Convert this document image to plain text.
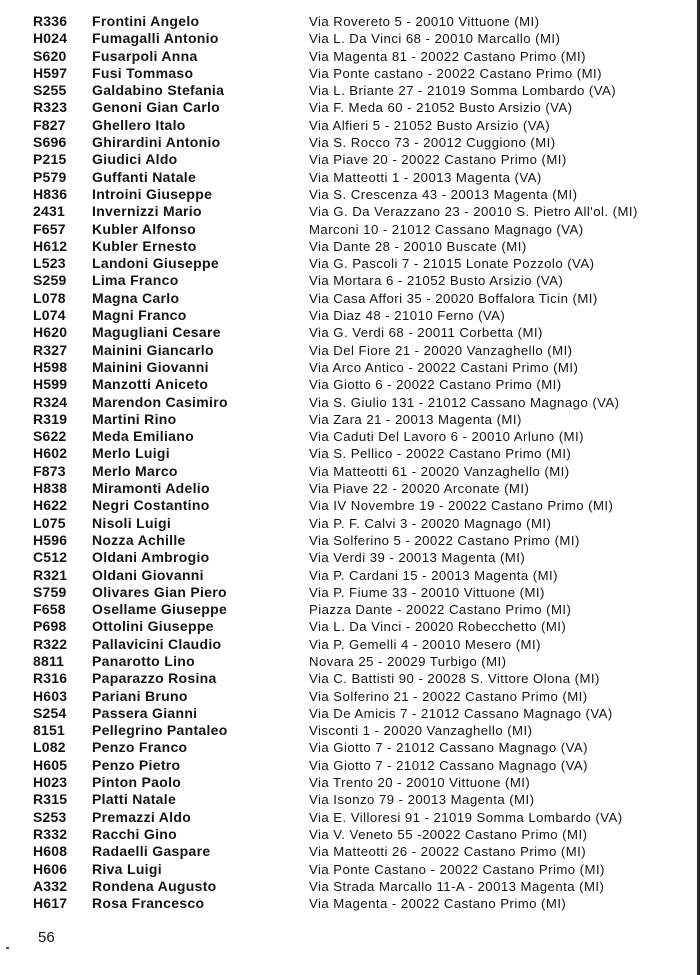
R336 Frontini Angelo	Via Rovereto 5 - 20010 Vittuone (MI)
H024 Fumagalli Antonio	Via L. Da Vinci 68 - 20010 Marcallo (MI)
S620 Fusarpoli Anna	Via Magenta 81 - 20022 Castano Primo (MI)
H597 Fusi Tommaso	Via Ponte castano - 20022 Castano Primo (MI)
S255 Galdabino Stefania	Via L. Briante 27 - 21019 Somma Lombardo (VA)
R323 Genoni Gian Carlo	Via F. Meda 60 - 21052 Busto Arsizio (VA)
F827 Ghellero Italo	Via Alfieri 5 - 21052 Busto Arsizio (VA)
S696 Ghirardini Antonio	Via S. Rocco 73 - 20012 Cuggiono (MI)
P215 Giudici Aldo	Via Piave 20 - 20022 Castano Primo (MI)
P579 Guffanti Natale	Via Matteotti 1 - 20013 Magenta (VA)
H836 Introini Giuseppe	Via S. Crescenza 43 - 20013 Magenta (MI)
2431 Invernizzi Mario	Via G. Da Verazzano 23 - 20010 S. Pietro All'ol. (MI)
F657 Kubler Alfonso	Marconi 10 - 21012 Cassano Magnago (VA)
H612 Kubler Ernesto	Via Dante 28 - 20010 Buscate (MI)
L523 Landoni Giuseppe	Via G. Pascoli 7 - 21015 Lonate Pozzolo (VA)
S259 Lima Franco	Via Mortara 6 - 21052 Busto Arsizio (VA)
L078 Magna Carlo	Via Casa Affori 35 - 20020 Boffalora Ticin (MI)
L074 Magni Franco	Via Diaz 48 - 21010 Ferno (VA)
H620 Magugliani Cesare	Via G. Verdi 68 - 20011 Corbetta (MI)
R327 Mainini Giancarlo	Via Del Fiore 21 - 20020 Vanzaghello (MI)
H598 Mainini Giovanni	Via Arco Antico - 20022 Castani Primo (MI)
H599 Manzotti Aniceto	Via Giotto 6 - 20022 Castano Primo (MI)
R324 Marendon Casimiro	Via S. Giulio 131 - 21012 Cassano Magnago (VA)
R319 Martini Rino	Via Zara 21 - 20013 Magenta (MI)
S622 Meda Emiliano	Via Caduti Del Lavoro 6 - 20010 Arluno (MI)
H602 Merlo Luigi	Via S. Pellico - 20022 Castano Primo (MI)
F873 Merlo Marco	Via Matteotti 61 - 20020 Vanzaghello (MI)
H838 Miramonti Adelio	Via Piave 22 - 20020 Arconate (MI)
H622 Negri Costantino	Via IV Novembre 19 - 20022 Castano Primo (MI)
L075 Nisoli Luigi	Via P. F. Calvi 3 - 20020 Magnago (MI)
H596 Nozza Achille	Via Solferino 5 - 20022 Castano Primo (MI)
C512 Oldani Ambrogio	Via Verdi 39 - 20013 Magenta (MI)
R321 Oldani Giovanni	Via P. Cardani 15 - 20013 Magenta (MI)
S759 Olivares Gian Piero	Via P. Fiume 33 - 20010 Vittuone (MI)
F658 Osellame Giuseppe	Piazza Dante - 20022 Castano Primo (MI)
P698 Ottolini Giuseppe	Via L. Da Vinci - 20020 Robecchetto (MI)
R322 Pallavicini Claudio	Via P. Gemelli 4 - 20010 Mesero (MI)
8811 Panarotto Lino	Novara 25 - 20029 Turbigo (MI)
R316 Paparazzo Rosina	Via C. Battisti 90 - 20028 S. Vittore Olona (MI)
H603 Pariani Bruno	Via Solferino 21 - 20022 Castano Primo (MI)
S254 Passera Gianni	Via De Amicis 7 - 21012 Cassano Magnago (VA)
8151 Pellegrino Pantaleo	Visconti 1 - 20020 Vanzaghello (MI)
L082 Penzo Franco	Via Giotto 7 - 21012 Cassano Magnago (VA)
H605 Penzo Pietro	Via Giotto 7 - 21012 Cassano Magnago (VA)
H023 Pinton Paolo	Via Trento 20 - 20010 Vittuone (MI)
R315 Platti Natale	Via Isonzo 79 - 20013 Magenta (MI)
S253 Premazzi Aldo	Via E. Villoresi 91 - 21019 Somma Lombardo (VA)
R332 Racchi Gino	Via V. Veneto 55 -20022 Castano Primo (MI)
H608 Radaelli Gaspare	Via Matteotti 26 - 20022 Castano Primo (MI)
H606 Riva Luigi	Via Ponte Castano - 20022 Castano Primo (MI)
A332 Rondena Augusto	Via Strada Marcallo 11-A - 20013 Magenta (MI)
H617 Rosa Francesco	Via Magenta - 20022 Castano Primo (MI)
56
